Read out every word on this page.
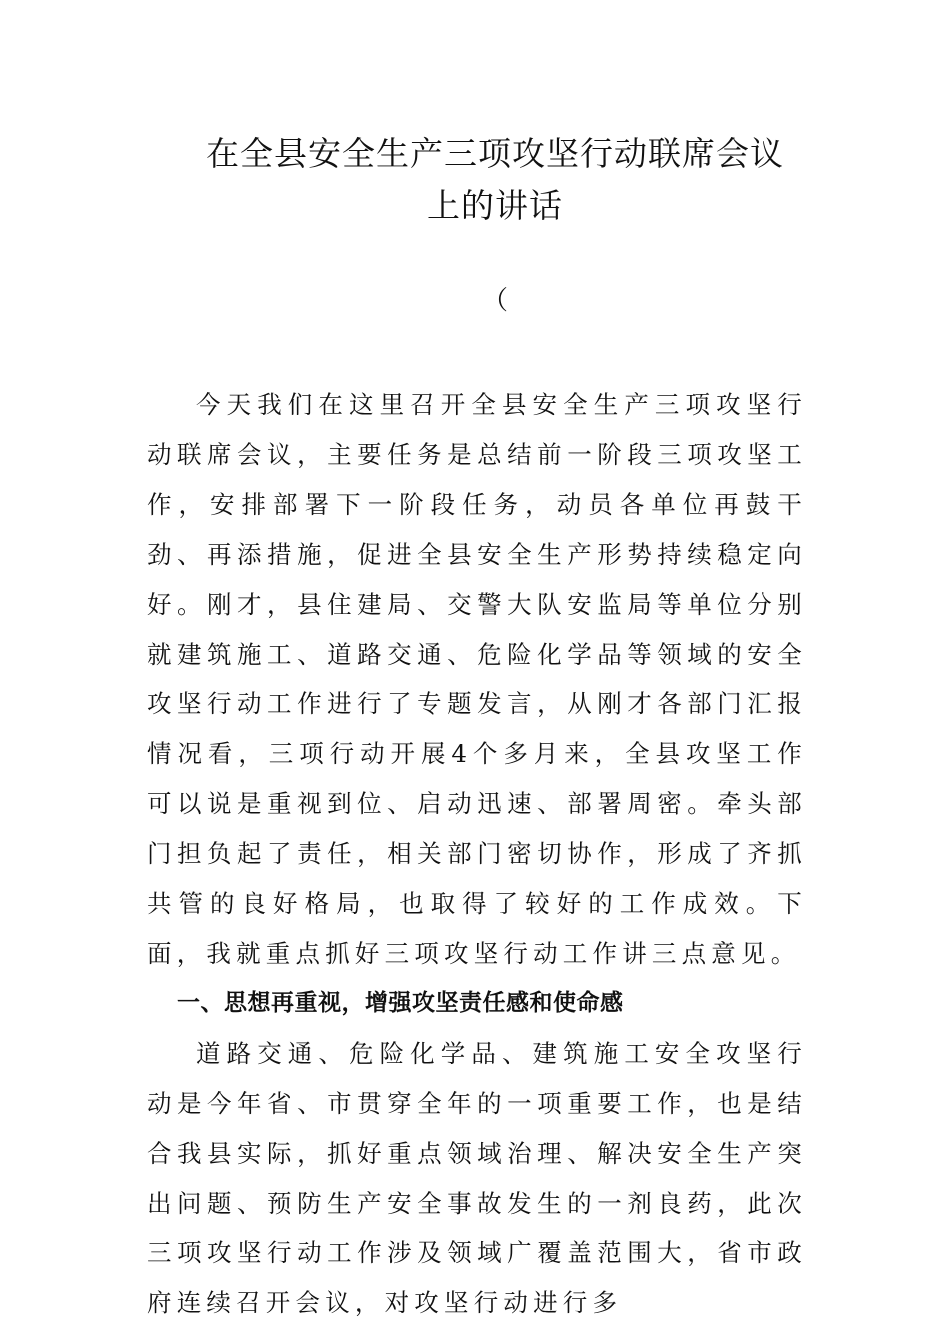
在全县安全生产三项攻坚行动联席会议
上的讲话
（

今天我们在这里召开全县安全生产三项攻坚行动联席会议，主要任务是总结前一阶段三项攻坚工作，安排部署下一阶段任务，动员各单位再鼓干劲、再添措施，促进全县安全生产形势持续稳定向好。刚才，县住建局、交警大队安监局等单位分别就建筑施工、道路交通、危险化学品等领域的安全攻坚行动工作进行了专题发言，从刚才各部门汇报情况看，三项行动开展4个多月来，全县攻坚工作可以说是重视到位、启动迅速、部署周密。牵头部门担负起了责任，相关部门密切协作，形成了齐抓共管的良好格局，也取得了较好的工作成效。下面，我就重点抓好三项攻坚行动工作讲三点意见。

一、思想再重视，增强攻坚责任感和使命感

道路交通、危险化学品、建筑施工安全攻坚行动是今年省、市贯穿全年的一项重要工作，也是结合我县实际，抓好重点领域治理、解决安全生产突出问题、预防生产安全事故发生的一剂良药，此次三项攻坚行动工作涉及领域广覆盖范围大，省市政府连续召开会议，对攻坚行动进行多
